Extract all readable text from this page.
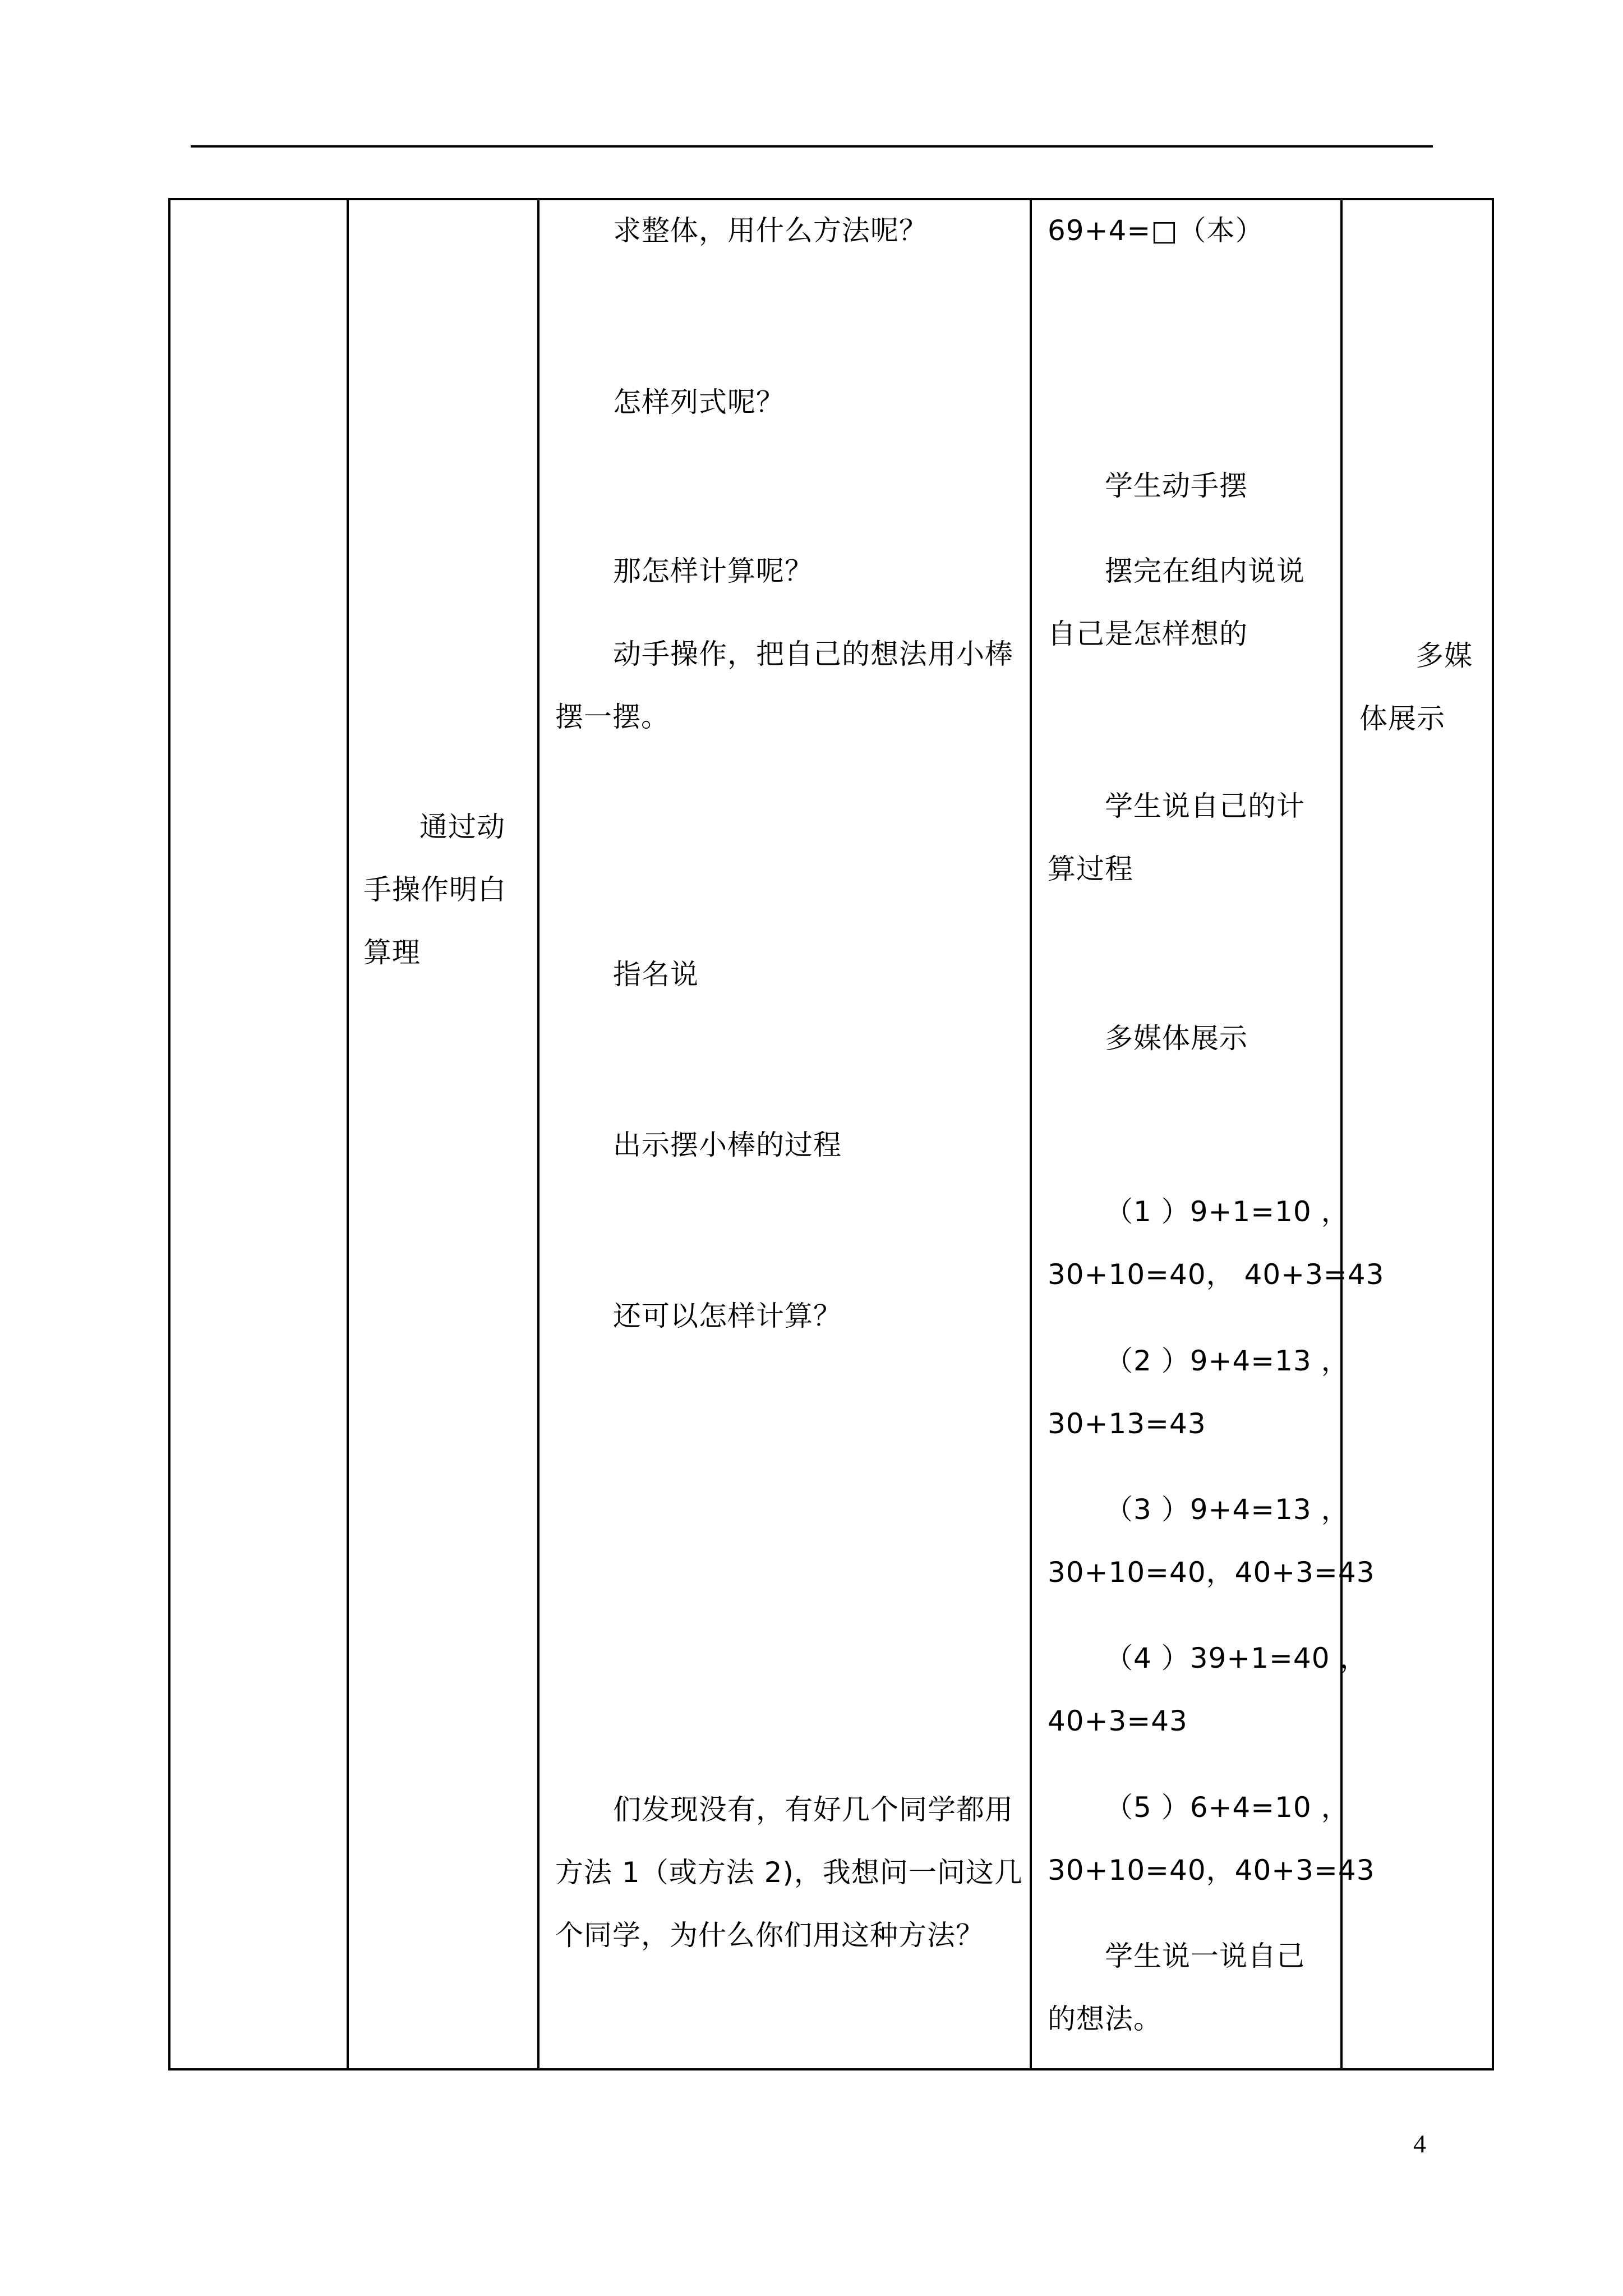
通过动
手操作明白
算理
求整体，用什么方法呢？
怎样列式呢？
那怎样计算呢？
动手操作，把自己的想法用小棒
摆一摆。
指名说
出示摆小棒的过程
还可以怎样计算？
们发现没有，有好几个同学都用
方法 1（或方法 2)，我想问一问这几
个同学，为什么你们用这种方法？
69+4=□（本）
学生动手摆
摆完在组内说说
自己是怎样想的
学生说自己的计
算过程
多媒体展示
（1 ）9+1=10 ，
30+10=40， 40+3=43
（2 ）9+4=13 ，
30+13=43
（3 ）9+4=13 ，
30+10=40，40+3=43
（4 ）39+1=40 ，
40+3=43
（5 ）6+4=10 ，
30+10=40，40+3=43
学生说一说自己
的想法。
多媒
体展示
4
